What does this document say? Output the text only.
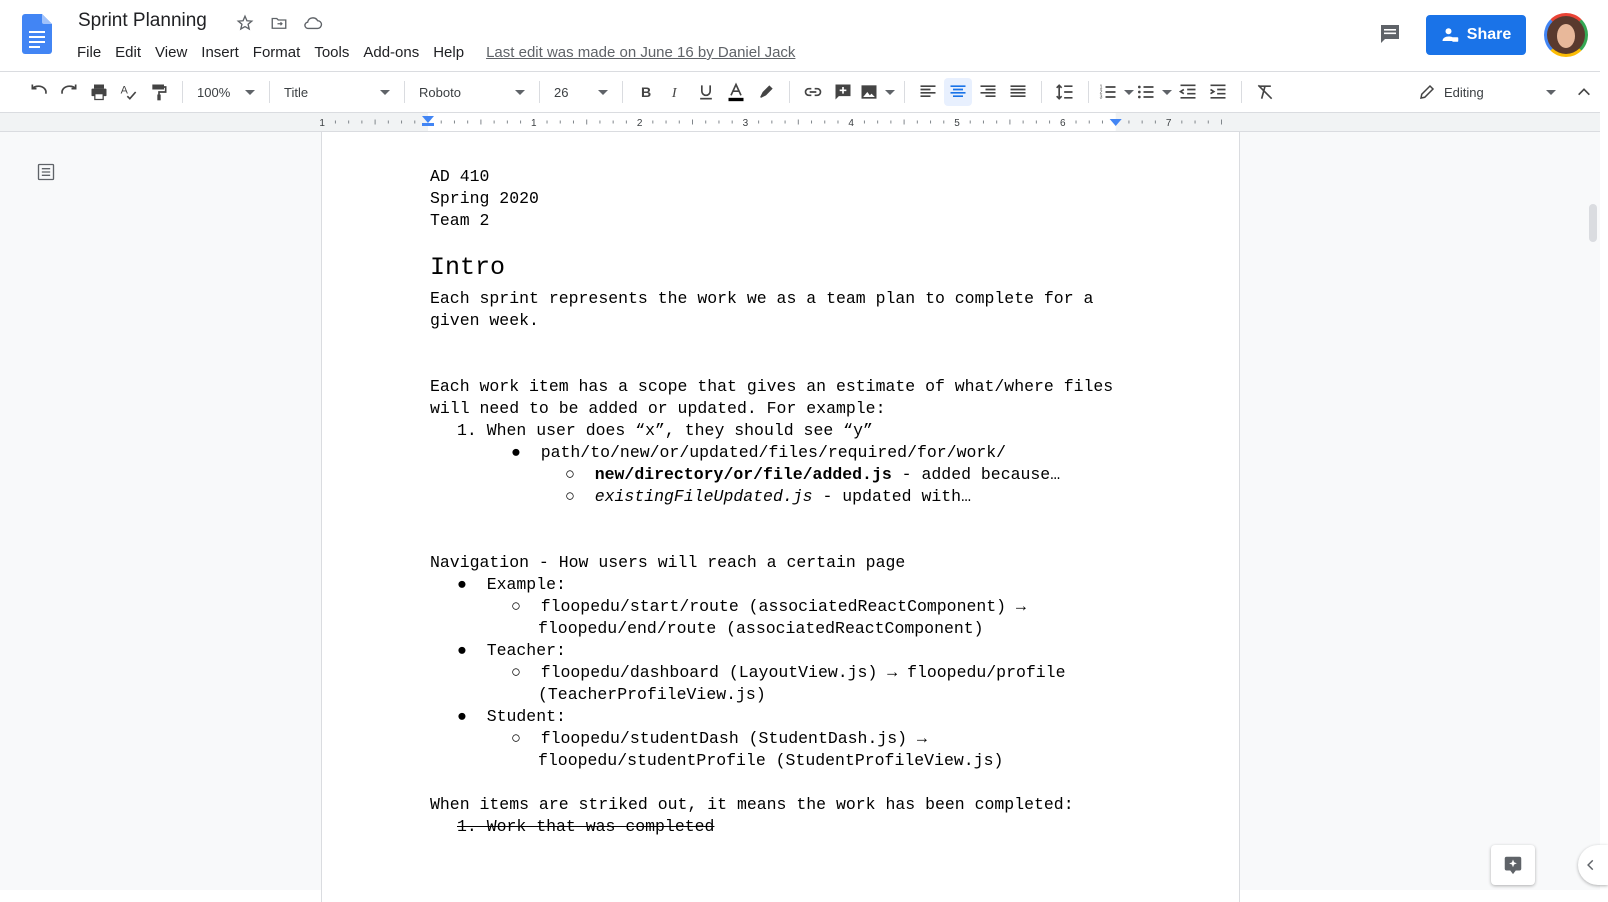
Sprint Planning
File Edit View Insert Format Tools Add-ons Help	Last edit was made on June 16 by Daniel Jack
Share
A	100%	Title	Roboto	26	B I	1
2
3	Editing
1	1	2	3	4	5	6	7

AD 410

Spring 2020

Team 2

Intro

Each sprint represents the work we as a team plan to complete for a

given week.

Each work item has a scope that gives an estimate of what/where files

will need to be added or updated. For example:

1. When user does “x”, they should see “y”

●  path/to/new/or/updated/files/required/for/work/

○  new/directory/or/file/added.js - added because…

○  existingFileUpdated.js - updated with…

Navigation - How users will reach a certain page

●  Example:

○  floopedu/start/route (associatedReactComponent) →

floopedu/end/route (associatedReactComponent)

●  Teacher:

○  floopedu/dashboard (LayoutView.js) → floopedu/profile

(TeacherProfileView.js)

●  Student:

○  floopedu/studentDash (StudentDash.js) →

floopedu/studentProfile (StudentProfileView.js)

When items are striked out, it means the work has been completed:

1. Work that was completed
